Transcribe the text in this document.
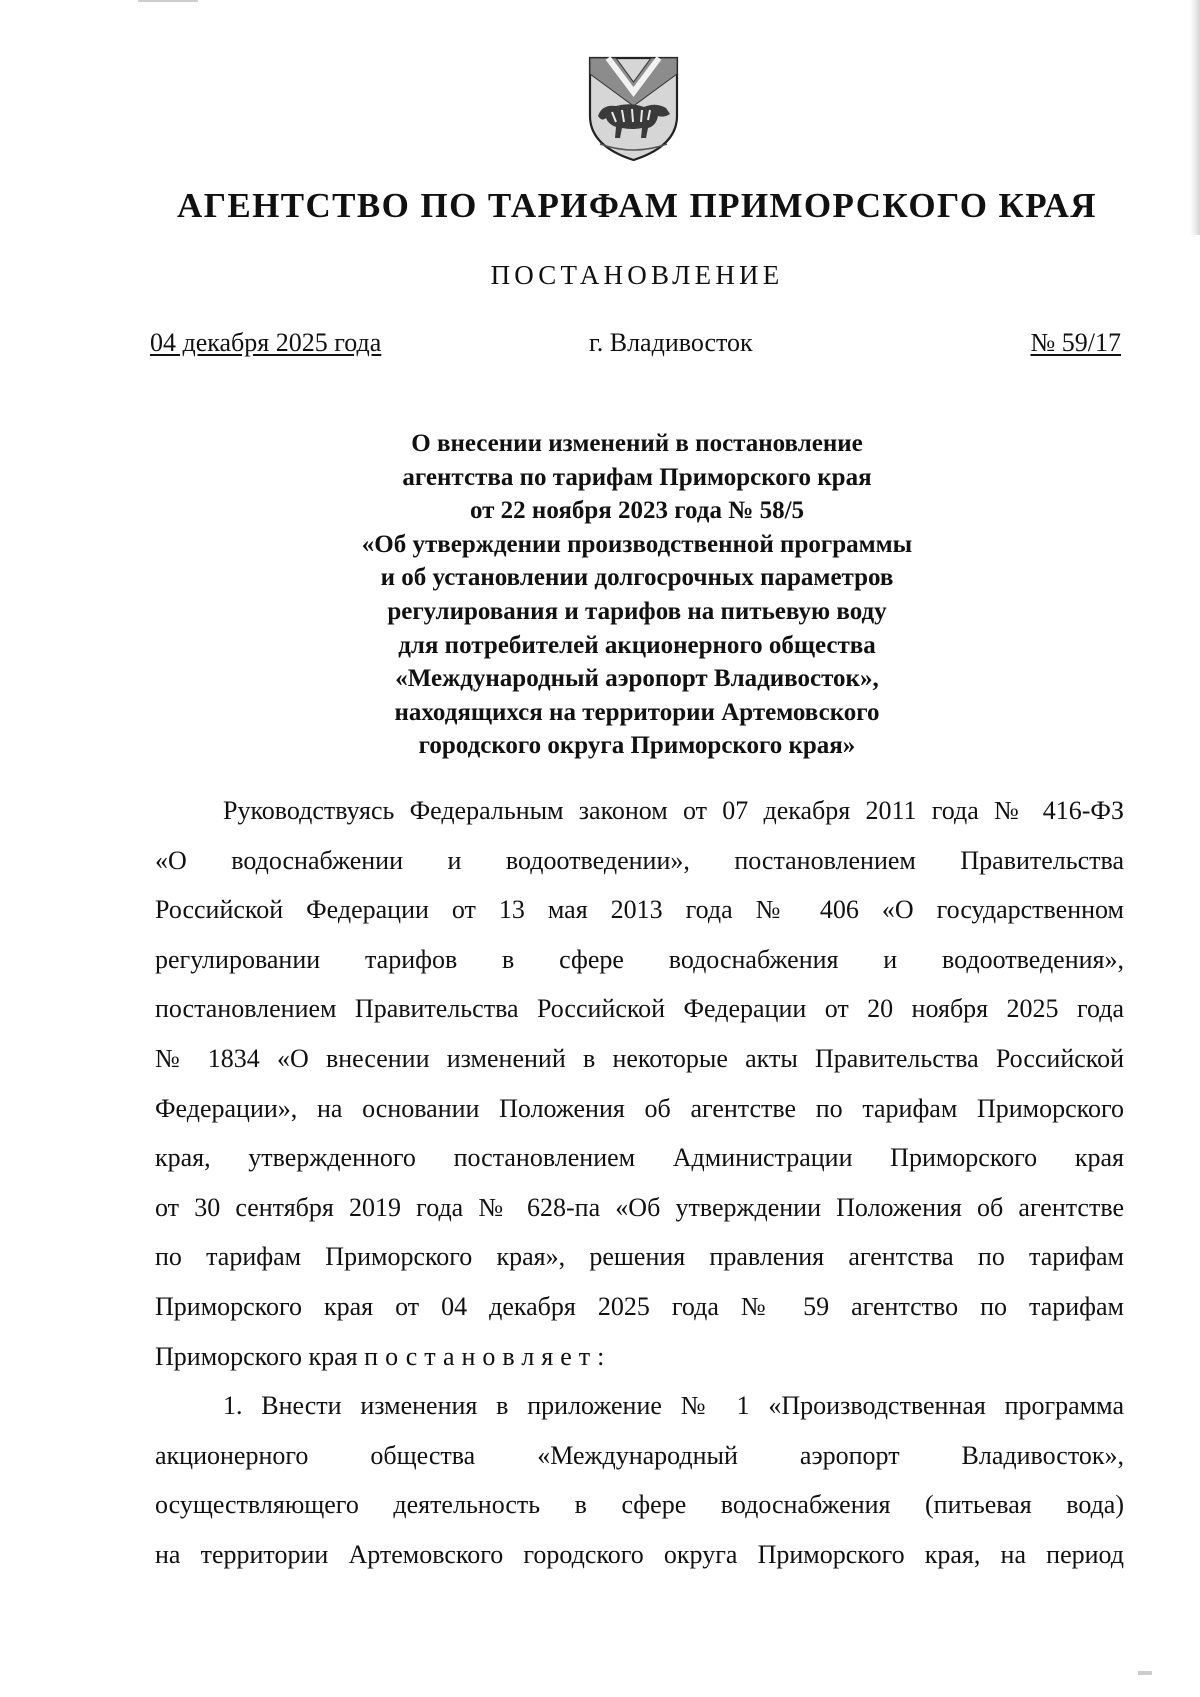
АГЕНТСТВО ПО ТАРИФАМ ПРИМОРСКОГО КРАЯ
ПОСТАНОВЛЕНИЕ
04 декабря 2025 года	г. Владивосток	№ 59/17
О внесении изменений в постановление
агентства по тарифам Приморского края
от 22 ноября 2023 года № 58/5
«Об утверждении производственной программы
и об установлении долгосрочных параметров
регулирования и тарифов на питьевую воду
для потребителей акционерного общества
«Международный аэропорт Владивосток»,
находящихся на территории Артемовского
городского округа Приморского края»
Руководствуясь Федеральным законом от 07 декабря 2011 года № 416-ФЗ
«О водоснабжении и водоотведении», постановлением Правительства
Российской Федерации от 13 мая 2013 года № 406 «О государственном
регулировании тарифов в сфере водоснабжения и водоотведения»,
постановлением Правительства Российской Федерации от 20 ноября 2025 года
№ 1834 «О внесении изменений в некоторые акты Правительства Российской
Федерации», на основании Положения об агентстве по тарифам Приморского
края, утвержденного постановлением Администрации Приморского края
от 30 сентября 2019 года № 628-па «Об утверждении Положения об агентстве
по тарифам Приморского края», решения правления агентства по тарифам
Приморского края от 04 декабря 2025 года № 59 агентство по тарифам
Приморского края постановляет:
1. Внести изменения в приложение № 1 «Производственная программа
акционерного общества «Международный аэропорт Владивосток»,
осуществляющего деятельность в сфере водоснабжения (питьевая вода)
на территории Артемовского городского округа Приморского края, на период
